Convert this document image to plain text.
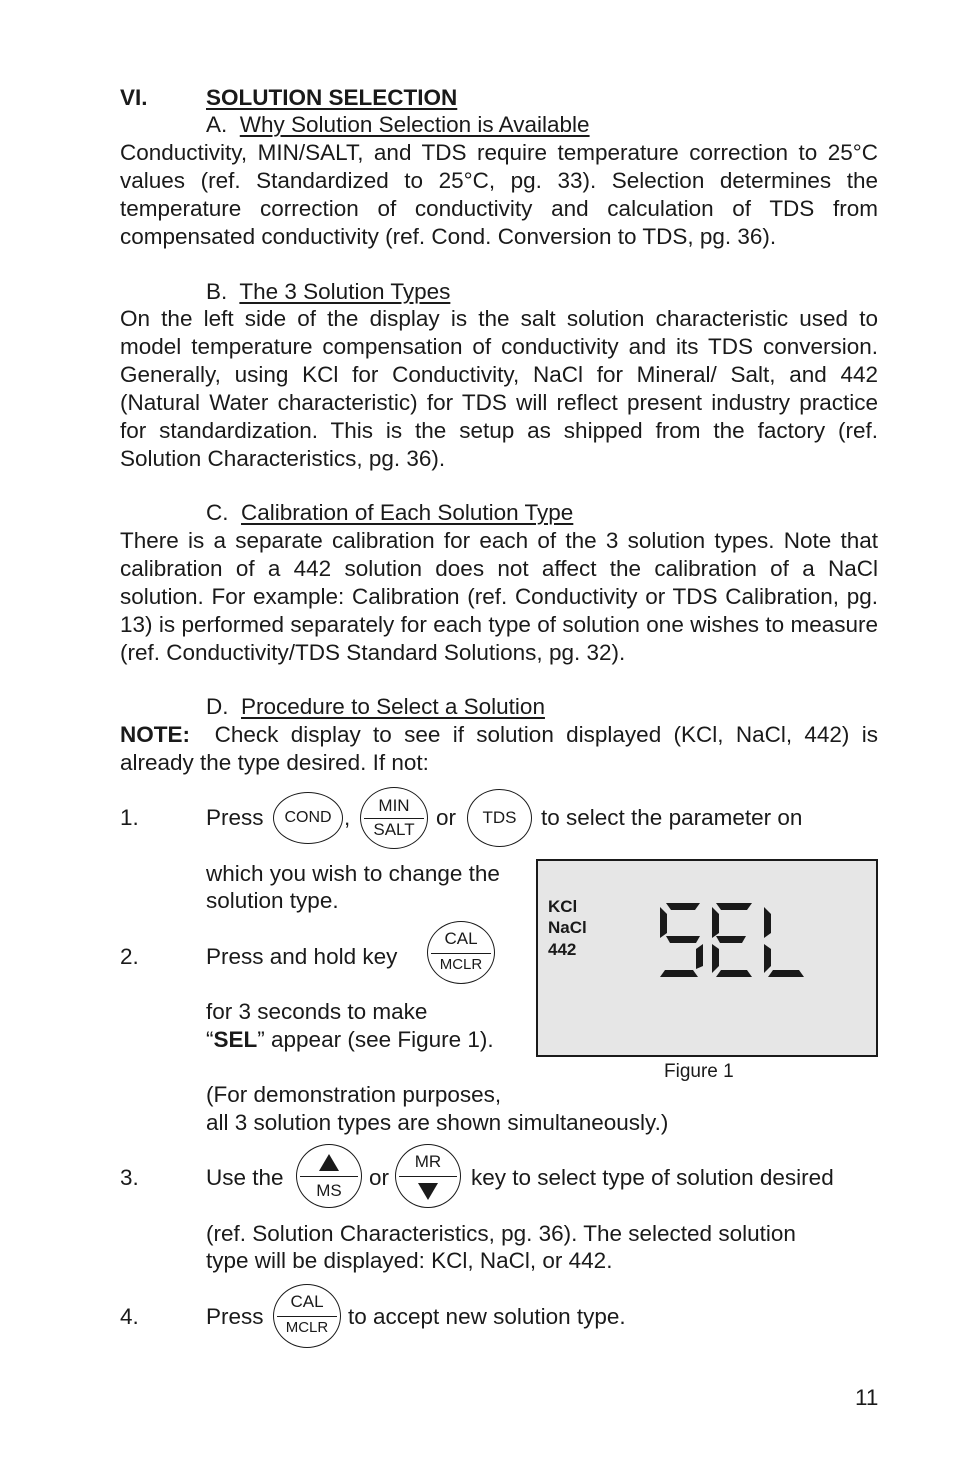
VI.	SOLUTION SELECTION
A. Why Solution Selection is Available
Conductivity, MIN/SALT, and TDS require temperature correction to 25°C values (ref. Standardized to 25°C, pg. 33). Selection determines the temperature correction of conductivity and calculation of TDS from compensated conductivity (ref. Cond. Conversion to TDS, pg. 36).
B. The 3 Solution Types
On the left side of the display is the salt solution characteristic used to model temperature compensation of conductivity and its TDS conversion. Generally, using KCl for Conductivity, NaCl for Mineral/ Salt, and 442 (Natural Water characteristic) for TDS will reflect present industry practice for standardization. This is the setup as shipped from the factory (ref. Solution Characteristics, pg. 36).
C. Calibration of Each Solution Type
There is a separate calibration for each of the 3 solution types. Note that calibration of a 442 solution does not affect the calibration of a NaCl solution. For example: Calibration (ref. Conductivity or TDS Calibration, pg. 13) is performed separately for each type of solution one wishes to measure (ref. Conductivity/TDS Standard Solutions, pg. 32).
D. Procedure to Select a Solution
NOTE: Check display to see if solution displayed (KCl, NaCl, 442) is already the type desired. If not:
1.	Press	COND ,	MIN
SALT or	TDS	to select the parameter on
which you wish to change the
solution type.
2.	Press and hold key
CAL
MCLR
for 3 seconds to make
“SEL” appear (see Figure 1).
(For demonstration purposes,
all 3 solution types are shown simultaneously.)
KCl
NaCl
442
Figure 1
3.	Use the
MS
or
MR
key to select type of solution desired
(ref. Solution Characteristics, pg. 36). The selected solution
type will be displayed: KCl, NaCl, or 442.
4.	Press
CAL
MCLR to accept new solution type.
11
